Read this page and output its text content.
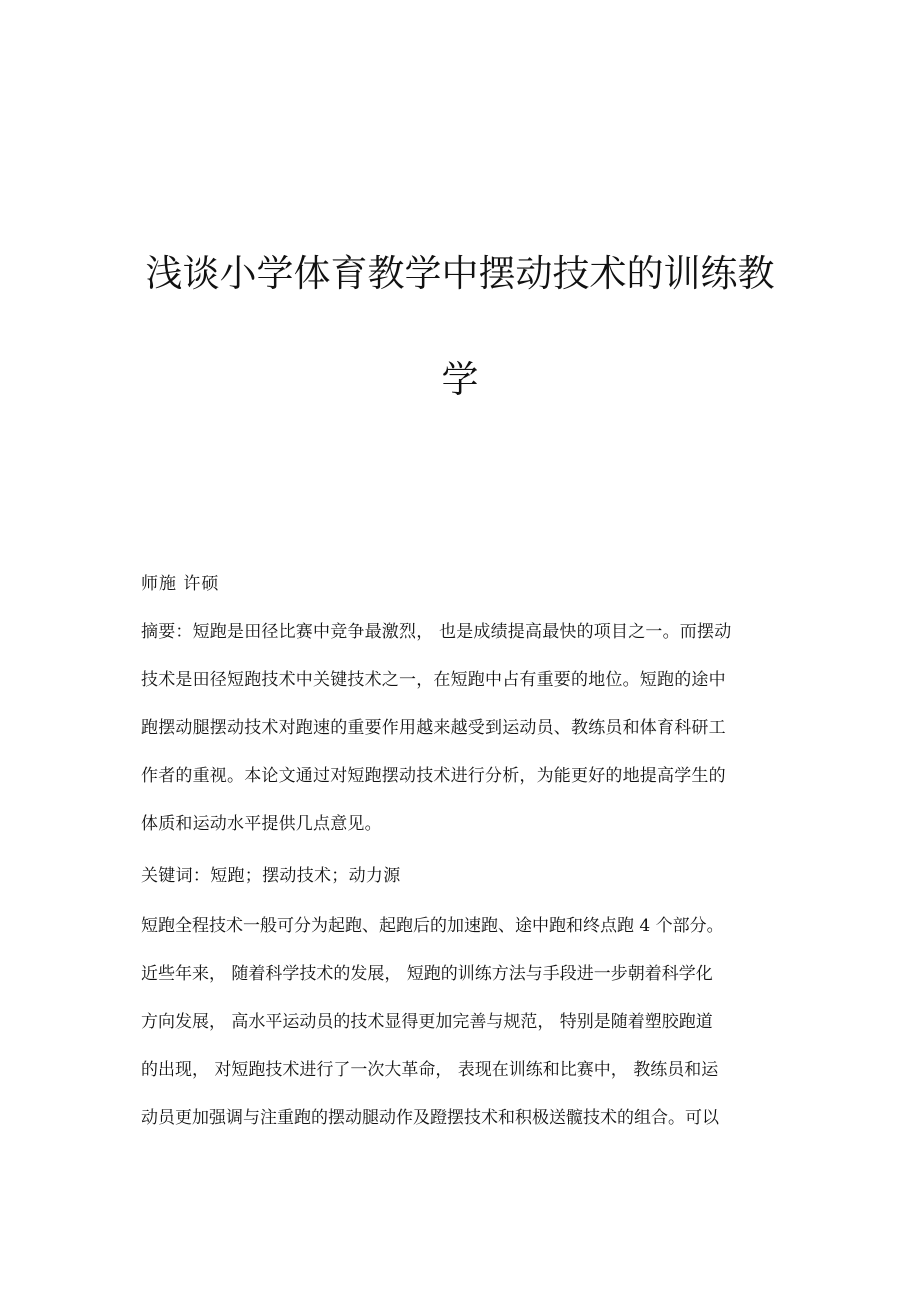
浅谈小学体育教学中摆动技术的训练教
学

师施 许硕

摘要：短跑是田径比赛中竞争最激烈， 也是成绩提高最快的项目之一。而摆动
技术是田径短跑技术中关键技术之一，在短跑中占有重要的地位。短跑的途中
跑摆动腿摆动技术对跑速的重要作用越来越受到运动员、教练员和体育科研工
作者的重视。本论文通过对短跑摆动技术进行分析，为能更好的地提高学生的
体质和运动水平提供几点意见。

关键词：短跑；摆动技术；动力源

短跑全程技术一般可分为起跑、起跑后的加速跑、途中跑和终点跑 4 个部分。
近些年来， 随着科学技术的发展， 短跑的训练方法与手段进一步朝着科学化
方向发展， 高水平运动员的技术显得更加完善与规范， 特别是随着塑胶跑道
的出现， 对短跑技术进行了一次大革命， 表现在训练和比赛中， 教练员和运
动员更加强调与注重跑的摆动腿动作及蹬摆技术和积极送髋技术的组合。可以
